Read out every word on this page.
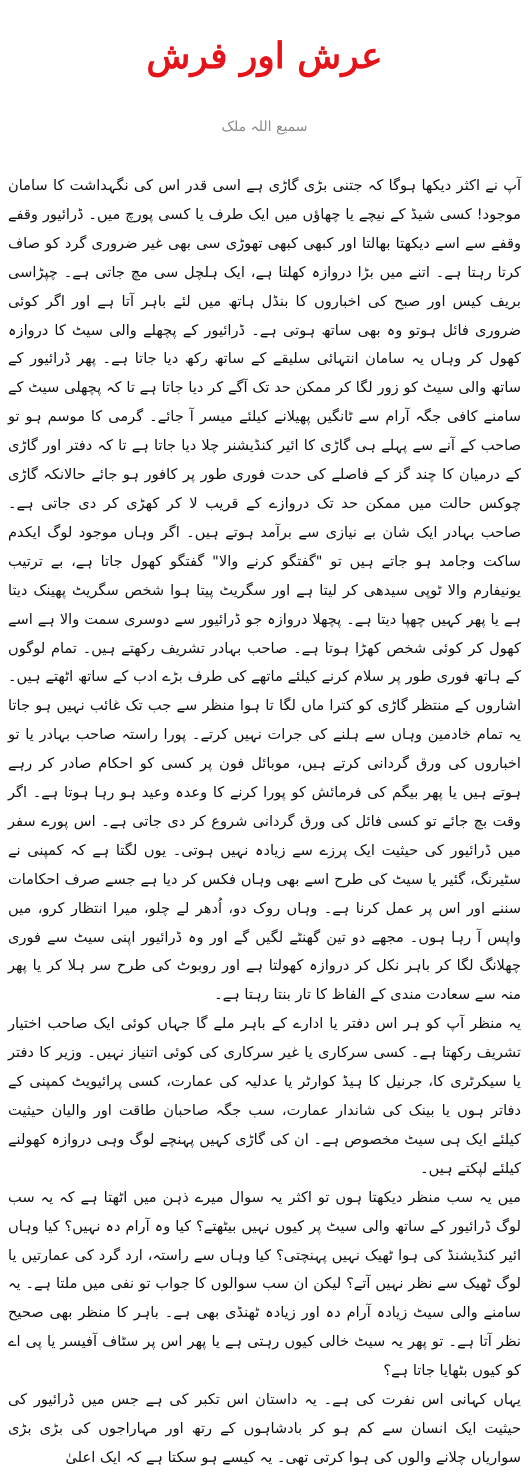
عرش اور فرش
سمیع اللہ ملک

آپ نے اکثر دیکھا ہوگا کہ جتنی بڑی گاڑی ہے اسی قدر اس کی نگہداشت کا سامان موجود! کسی شیڈ کے نیچے یا چھاؤں میں ایک طرف یا کسی پورچ میں۔ ڈرائیور وقفے وقفے سے اسے دیکھتا بھالتا اور کبھی کبھی تھوڑی سی بھی غیر ضروری گرد کو صاف کرتا رہتا ہے۔ اتنے میں بڑا دروازہ کھلتا ہے، ایک ہلچل سی مچ جاتی ہے۔ چپڑاسی بریف کیس اور صبح کی اخباروں کا بنڈل ہاتھ میں لئے باہر آتا ہے اور اگر کوئی ضروری فائل ہوتو وہ بھی ساتھ ہوتی ہے۔ ڈرائیور کے پچھلے والی سیٹ کا دروازہ کھول کر وہاں یہ سامان انتہائی سلیقے کے ساتھ رکھ دیا جاتا ہے۔ پھر ڈرائیور کے ساتھ والی سیٹ کو زور لگا کر ممکن حد تک آگے کر دیا جاتا ہے تا کہ پچھلی سیٹ کے سامنے کافی جگہ آرام سے ٹانگیں پھیلانے کیلئے میسر آ جائے۔ گرمی کا موسم ہو تو صاحب کے آنے سے پہلے ہی گاڑی کا ائیر کنڈیشنر چلا دیا جاتا ہے تا کہ دفتر اور گاڑی کے درمیان کا چند گز کے فاصلے کی حدت فوری طور پر کافور ہو جائے حالانکہ گاڑی چوکس حالت میں ممکن حد تک دروازے کے قریب لا کر کھڑی کر دی جاتی ہے۔ صاحب بہادر ایک شان بے نیازی سے برآمد ہوتے ہیں۔ اگر وہاں موجود لوگ ایکدم ساکت وجامد ہو جاتے ہیں تو "گفتگو کرنے والا" گفتگو کھول جاتا ہے، بے ترتیب یونیفارم والا ٹوپی سیدھی کر لیتا ہے اور سگریٹ پیتا ہوا شخص سگریٹ پھینک دیتا ہے یا پھر کہیں چھپا دیتا ہے۔ پچھلا دروازہ جو ڈرائیور سے دوسری سمت والا ہے اسے کھول کر کوئی شخص کھڑا ہوتا ہے۔ صاحب بہادر تشریف رکھتے ہیں۔ تمام لوگوں کے ہاتھ فوری طور پر سلام کرنے کیلئے ماتھے کی طرف بڑے ادب کے ساتھ اٹھتے ہیں۔ اشاروں کے منتظر گاڑی کو کترا ماں لگا تا ہوا منظر سے جب تک غائب نہیں ہو جاتا یہ تمام خادمین وہاں سے ہلنے کی جرات نہیں کرتے۔ پورا راستہ صاحب بہادر یا تو اخباروں کی ورق گردانی کرتے ہیں، موبائل فون پر کسی کو احکام صادر کر رہے ہوتے ہیں یا پھر بیگم کی فرمائش کو پورا کرنے کا وعدہ وعید ہو رہا ہوتا ہے۔ اگر وقت بچ جائے تو کسی فائل کی ورق گردانی شروع کر دی جاتی ہے۔ اس پورے سفر میں ڈرائیور کی حیثیت ایک پرزے سے زیادہ نہیں ہوتی۔ یوں لگتا ہے کہ کمپنی نے سٹیرنگ، گئیر یا سیٹ کی طرح اسے بھی وہاں فکس کر دیا ہے جسے صرف احکامات سننے اور اس پر عمل کرنا ہے۔ وہاں روک دو، اُدھر لے چلو، میرا انتظار کرو، میں واپس آ رہا ہوں۔ مجھے دو تین گھنٹے لگیں گے اور وہ ڈرائیور اپنی سیٹ سے فوری چھلانگ لگا کر باہر نکل کر دروازہ کھولتا ہے اور روبوٹ کی طرح سر ہلا کر یا پھر منہ سے سعادت مندی کے الفاظ کا تار بنتا رہتا ہے۔

یہ منظر آپ کو ہر اس دفتر یا ادارے کے باہر ملے گا جہاں کوئی ایک صاحب اختیار تشریف رکھتا ہے۔ کسی سرکاری یا غیر سرکاری کی کوئی اتنیاز نہیں۔ وزیر کا دفتر یا سیکرٹری کا، جرنیل کا ہیڈ کوارٹر یا عدلیہ کی عمارت، کسی پرائیویٹ کمپنی کے دفاتر ہوں یا بینک کی شاندار عمارت، سب جگہ صاحبان طاقت اور والیان حیثیت کیلئے ایک ہی سیٹ مخصوص ہے۔ ان کی گاڑی کہیں پہنچے لوگ وہی دروازہ کھولنے کیلئے لپکتے ہیں۔

میں یہ سب منظر دیکھتا ہوں تو اکثر یہ سوال میرے ذہن میں اٹھتا ہے کہ یہ سب لوگ ڈرائیور کے ساتھ والی سیٹ پر کیوں نہیں بیٹھتے؟ کیا وہ آرام دہ نہیں؟ کیا وہاں ائیر کنڈیشنڈ کی ہوا ٹھیک نہیں پہنچتی؟ کیا وہاں سے راستہ، ارد گرد کی عمارتیں یا لوگ ٹھیک سے نظر نہیں آتے؟ لیکن ان سب سوالوں کا جواب تو نفی میں ملتا ہے۔ یہ سامنے والی سیٹ زیادہ آرام دہ اور زیادہ ٹھنڈی بھی ہے۔ باہر کا منظر بھی صحیح نظر آتا ہے۔ تو پھر یہ سیٹ خالی کیوں رہتی ہے یا پھر اس پر سٹاف آفیسر یا پی اے کو کیوں بٹھایا جاتا ہے؟

یہاں کہانی اس نفرت کی ہے۔ یہ داستان اس تکبر کی ہے جس میں ڈرائیور کی حیثیت ایک انسان سے کم ہو کر بادشاہوں کے رتھ اور مہاراجوں کی بڑی بڑی سواریاں چلانے والوں کی ہوا کرتی تھی۔ یہ کیسے ہو سکتا ہے کہ ایک اعلیٰ
